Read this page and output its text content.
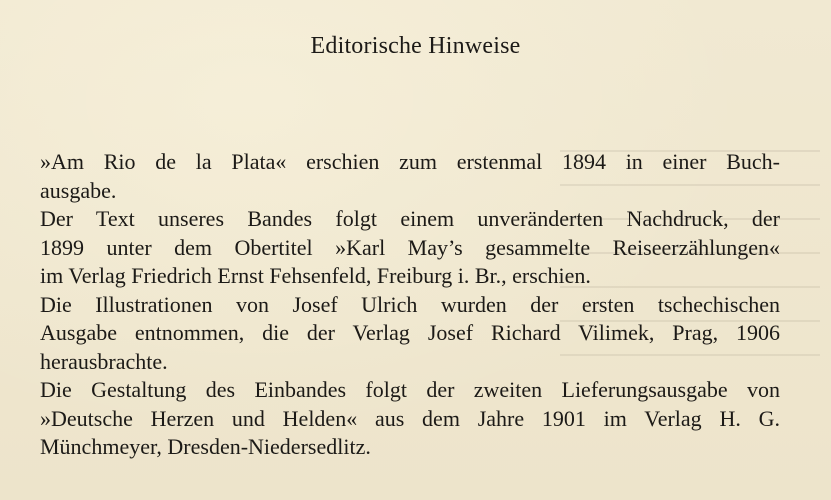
Editorische Hinweise
»Am Rio de la Plata« erschien zum erstenmal 1894 in einer Buch-
ausgabe.
Der Text unseres Bandes folgt einem unveränderten Nachdruck, der
1899 unter dem Obertitel »Karl May’s gesammelte Reiseerzählungen«
im Verlag Friedrich Ernst Fehsenfeld, Freiburg i. Br., erschien.
Die Illustrationen von Josef Ulrich wurden der ersten tschechischen
Ausgabe entnommen, die der Verlag Josef Richard Vilimek, Prag, 1906
herausbrachte.
Die Gestaltung des Einbandes folgt der zweiten Lieferungsausgabe von
»Deutsche Herzen und Helden« aus dem Jahre 1901 im Verlag H. G.
Münchmeyer, Dresden-Niedersedlitz.
